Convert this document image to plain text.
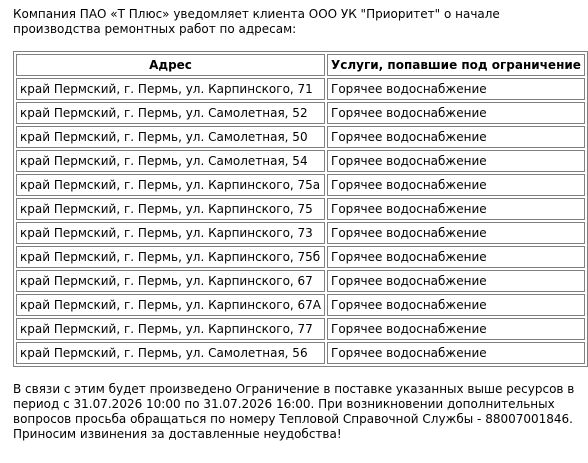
Компания ПАО «Т Плюс» уведомляет клиента ООО УК "Приоритет" о начале производства ремонтных работ по адресам:

Адрес	Услуги, попавшие под ограничение
край Пермский, г. Пермь, ул. Карпинского, 71	Горячее водоснабжение
край Пермский, г. Пермь, ул. Самолетная, 52	Горячее водоснабжение
край Пермский, г. Пермь, ул. Самолетная, 50	Горячее водоснабжение
край Пермский, г. Пермь, ул. Самолетная, 54	Горячее водоснабжение
край Пермский, г. Пермь, ул. Карпинского, 75а	Горячее водоснабжение
край Пермский, г. Пермь, ул. Карпинского, 75	Горячее водоснабжение
край Пермский, г. Пермь, ул. Карпинского, 73	Горячее водоснабжение
край Пермский, г. Пермь, ул. Карпинского, 75б	Горячее водоснабжение
край Пермский, г. Пермь, ул. Карпинского, 67	Горячее водоснабжение
край Пермский, г. Пермь, ул. Карпинского, 67А	Горячее водоснабжение
край Пермский, г. Пермь, ул. Карпинского, 77	Горячее водоснабжение
край Пермский, г. Пермь, ул. Самолетная, 56	Горячее водоснабжение

В связи с этим будет произведено Ограничение в поставке указанных выше ресурсов в период с 31.07.2026 10:00 по 31.07.2026 16:00. При возникновении дополнительных вопросов просьба обращаться по номеру Тепловой Справочной Службы - 88007001846. Приносим извинения за доставленные неудобства!
